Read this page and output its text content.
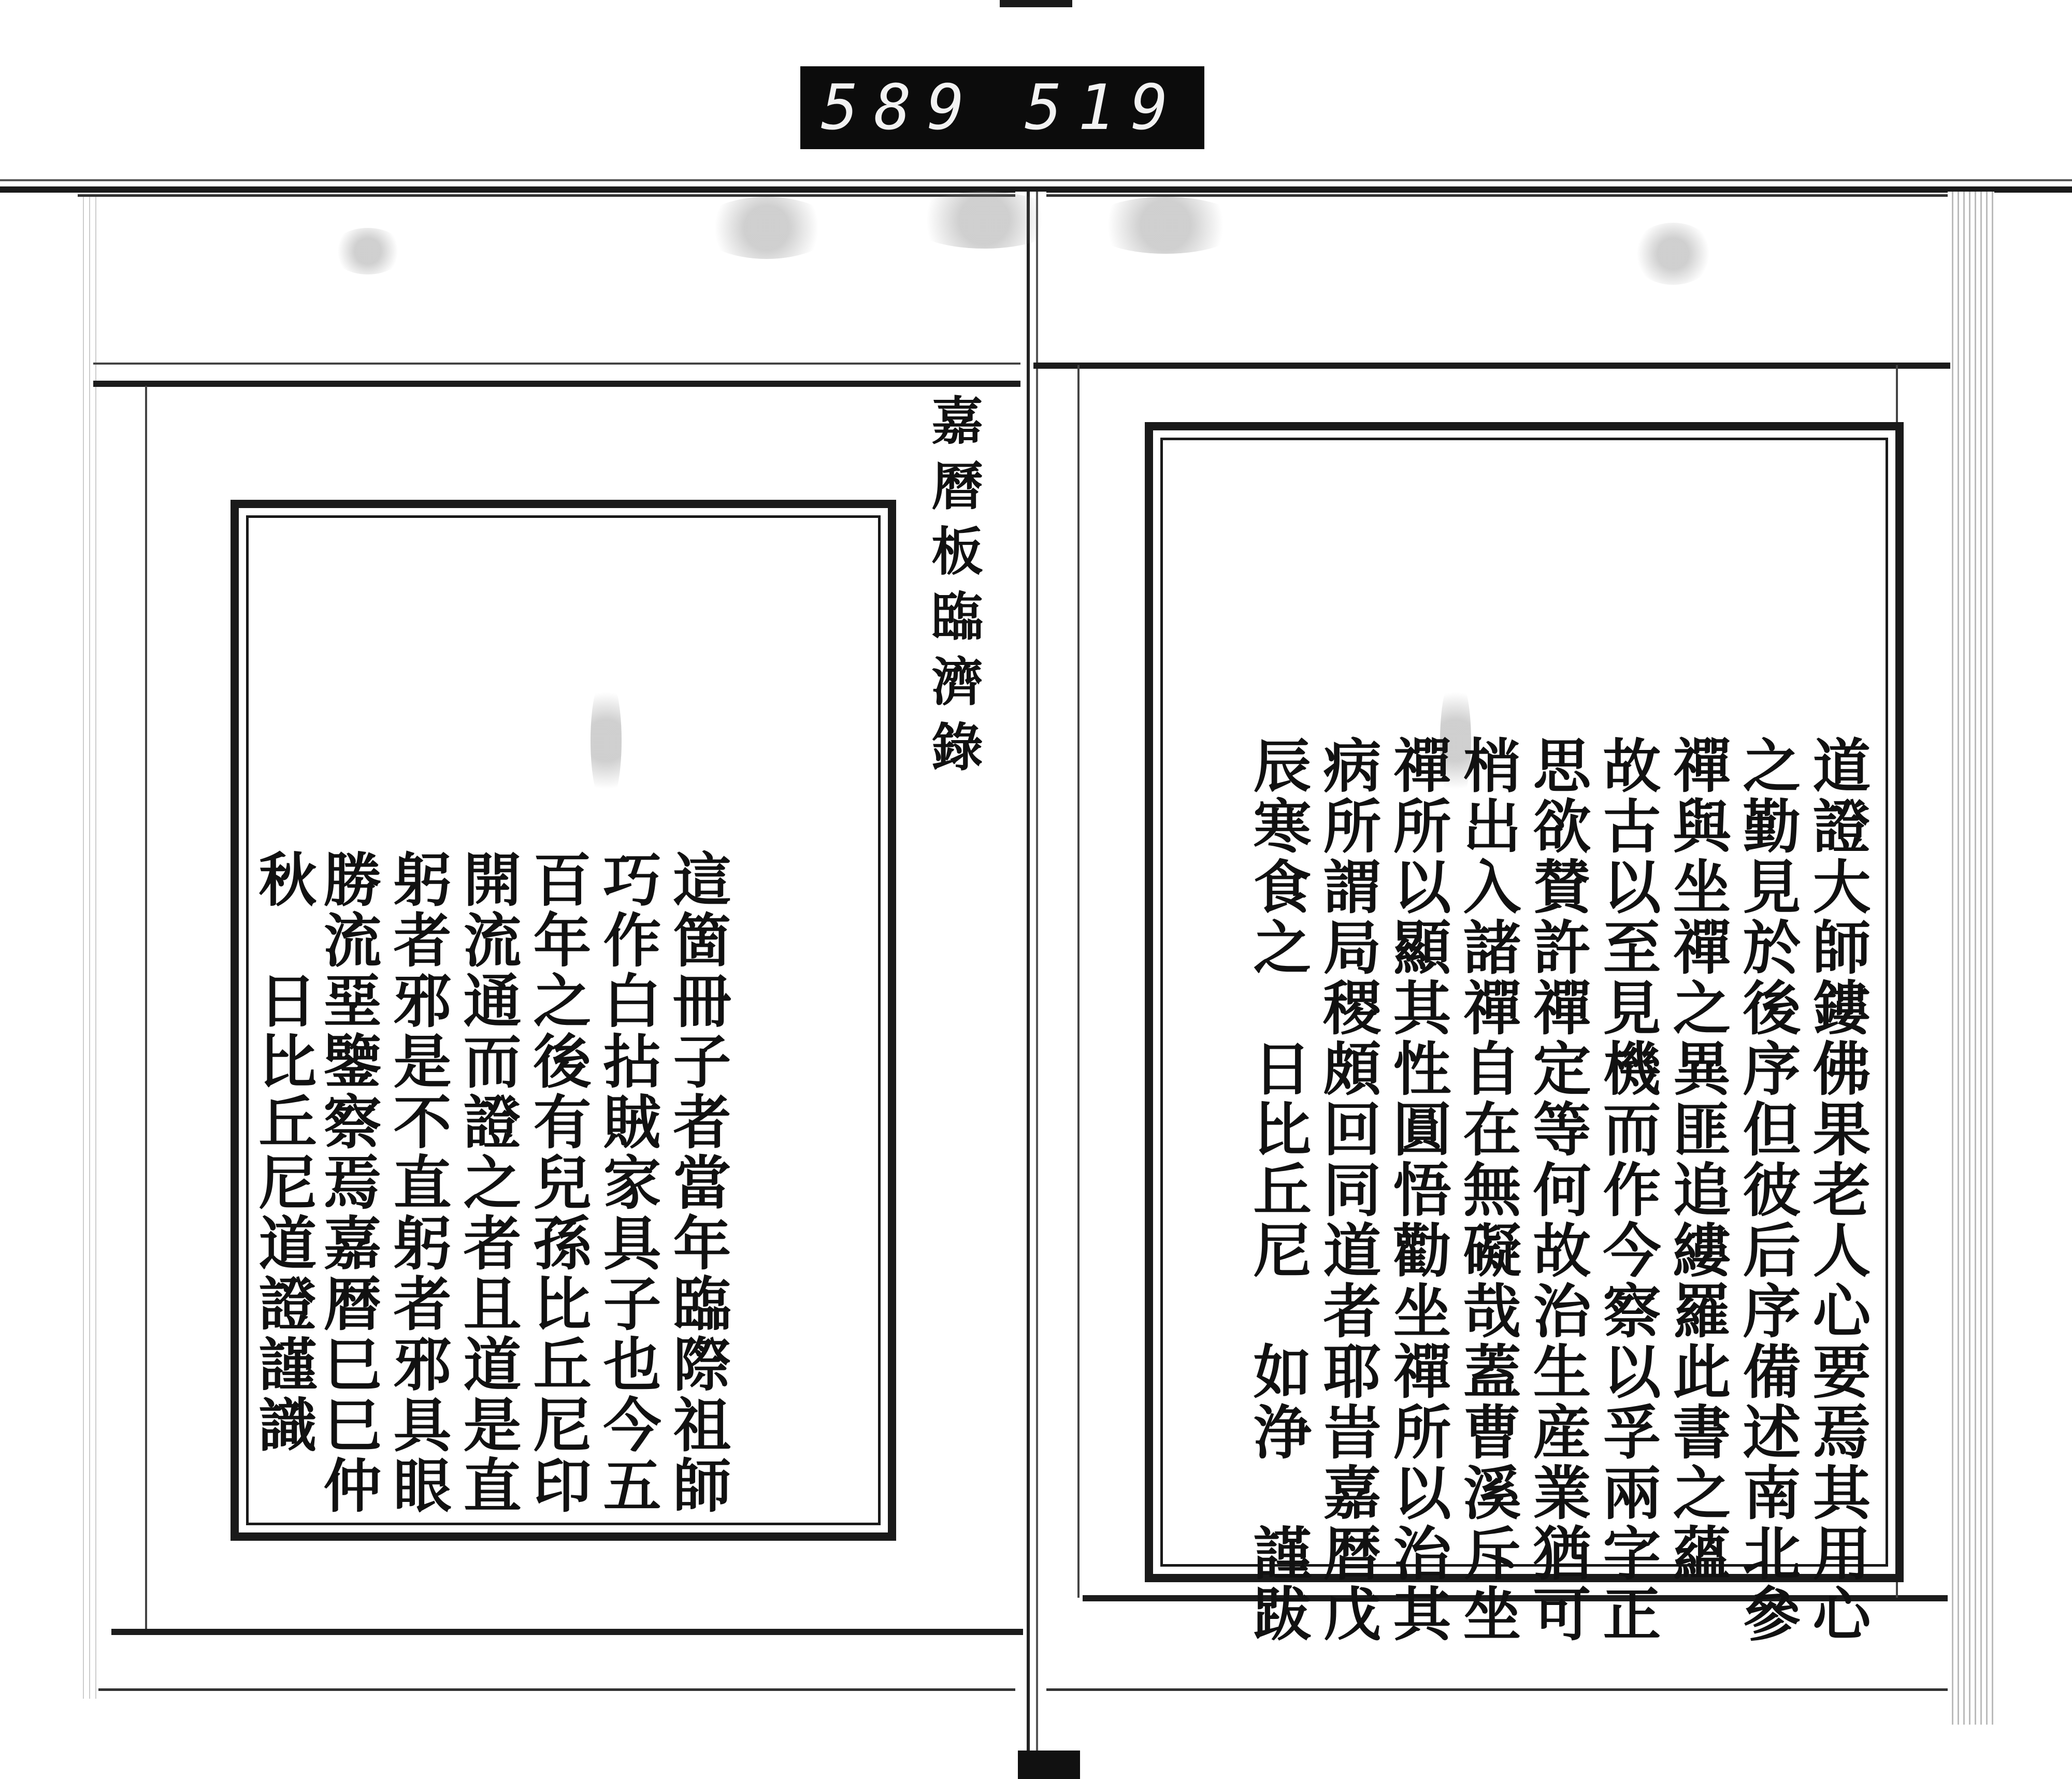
589 519
嘉曆板臨濟錄
這箇冊子者當年臨際祖師
巧作白拈賊家具子也今五
百年之後有兒孫比丘尼印
開流通而證之者且道是直
躬者邪是不直躬者邪具眼
勝流堊鑒察焉嘉暦巳巳仲
秋　日比丘尼道證謹識	道證大師鏤佛果老人心要焉其用心
之勤見於後序但彼后序備述南北參
禪與坐禪之異匪追縷羅此書之蘊
故古以至見機而作今察以孚兩字正
思欲賛許禪定等何故治生産業猶可
梢出入諸禪自在無礙哉蓋曹溪斥坐
禪所以顯其性圓悟勸坐禪所以治其
病所謂局稷頗回同道者耶旹嘉暦戊
辰寒食之　日比丘尼　如浄　謹跋
